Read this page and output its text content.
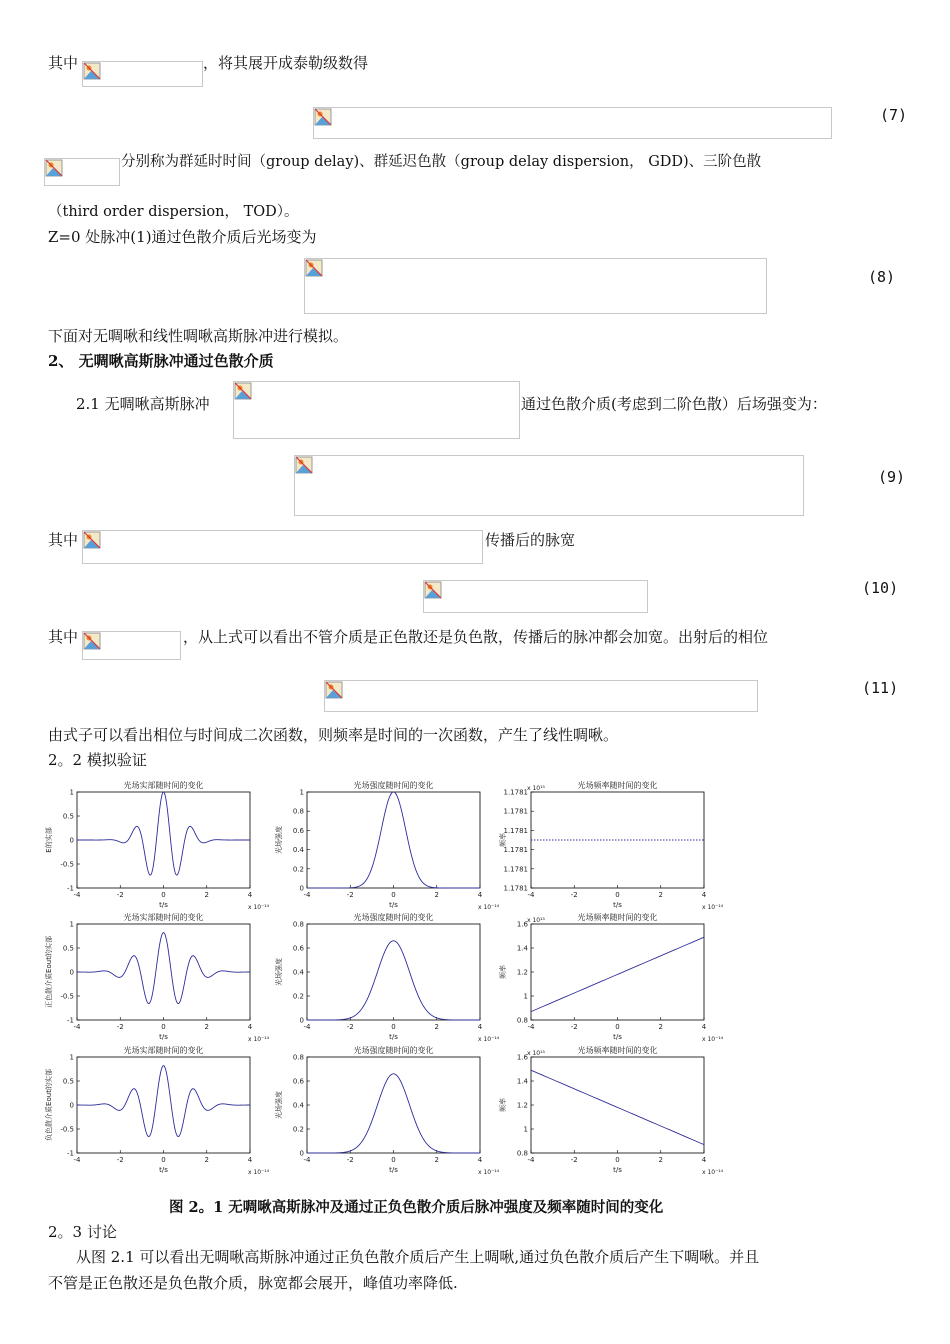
其中	，将其展开成泰勒级数得
(7)
分别称为群延时时间（group delay)、群延迟色散（group delay dispersion， GDD)、三阶色散
（third order dispersion， TOD）。
Z=0 处脉冲(1)通过色散介质后光场变为
(8)
下面对无啁啾和线性啁啾高斯脉冲进行模拟。
2、 无啁啾高斯脉冲通过色散介质
2.1 无啁啾高斯脉冲	通过色散介质(考虑到二阶色散）后场强变为：
(9)
其中	传播后的脉宽
(10)
其中	，从上式可以看出不管介质是正色散还是负色散，传播后的脉冲都会加宽。出射后的相位
(11)
由式子可以看出相位与时间成二次函数，则频率是时间的一次函数，产生了线性啁啾。
2。2 模拟验证
光场实部随时间的变化
t/s	x 10⁻¹⁴
E的实部
-4	-2	0	2	4
-1
-0.5
0
0.5
1
光场强度随时间的变化
t/s	x 10⁻¹⁴
光场强度
-4	-2	0	2	4
0
0.2
0.4
0.6
0.8
1
光场频率随时间的变化
t/s	x 10⁻¹⁴
x 10¹⁵
频率
-4	-2	0	2	4
1.1781
1.1781
1.1781
1.1781
1.1781
1.1781
光场实部随时间的变化
t/s	x 10⁻¹⁴
正色散介质Eout的实部
-4	-2	0	2	4
-1
-0.5
0
0.5
1
光场强度随时间的变化
t/s	x 10⁻¹⁴
光场强度
-4	-2	0	2	4
0
0.2
0.4
0.6
0.8
光场频率随时间的变化
t/s	x 10⁻¹⁴
x 10¹⁵
频率
-4	-2	0	2	4
0.8
1
1.2
1.4
1.6
光场实部随时间的变化
t/s	x 10⁻¹⁴
负色散介质Eout的实部
-4	-2	0	2	4
-1
-0.5
0
0.5
1
光场强度随时间的变化
t/s	x 10⁻¹⁴
光场强度
-4	-2	0	2	4
0
0.2
0.4
0.6
0.8
光场频率随时间的变化
t/s	x 10⁻¹⁴
x 10¹⁵
频率
-4	-2	0	2	4
0.8
1
1.2
1.4
1.6
图 2。1 无啁啾高斯脉冲及通过正负色散介质后脉冲强度及频率随时间的变化
2。3 讨论
从图 2.1 可以看出无啁啾高斯脉冲通过正负色散介质后产生上啁啾,通过负色散介质后产生下啁啾。并且
不管是正色散还是负色散介质，脉宽都会展开，峰值功率降低.
